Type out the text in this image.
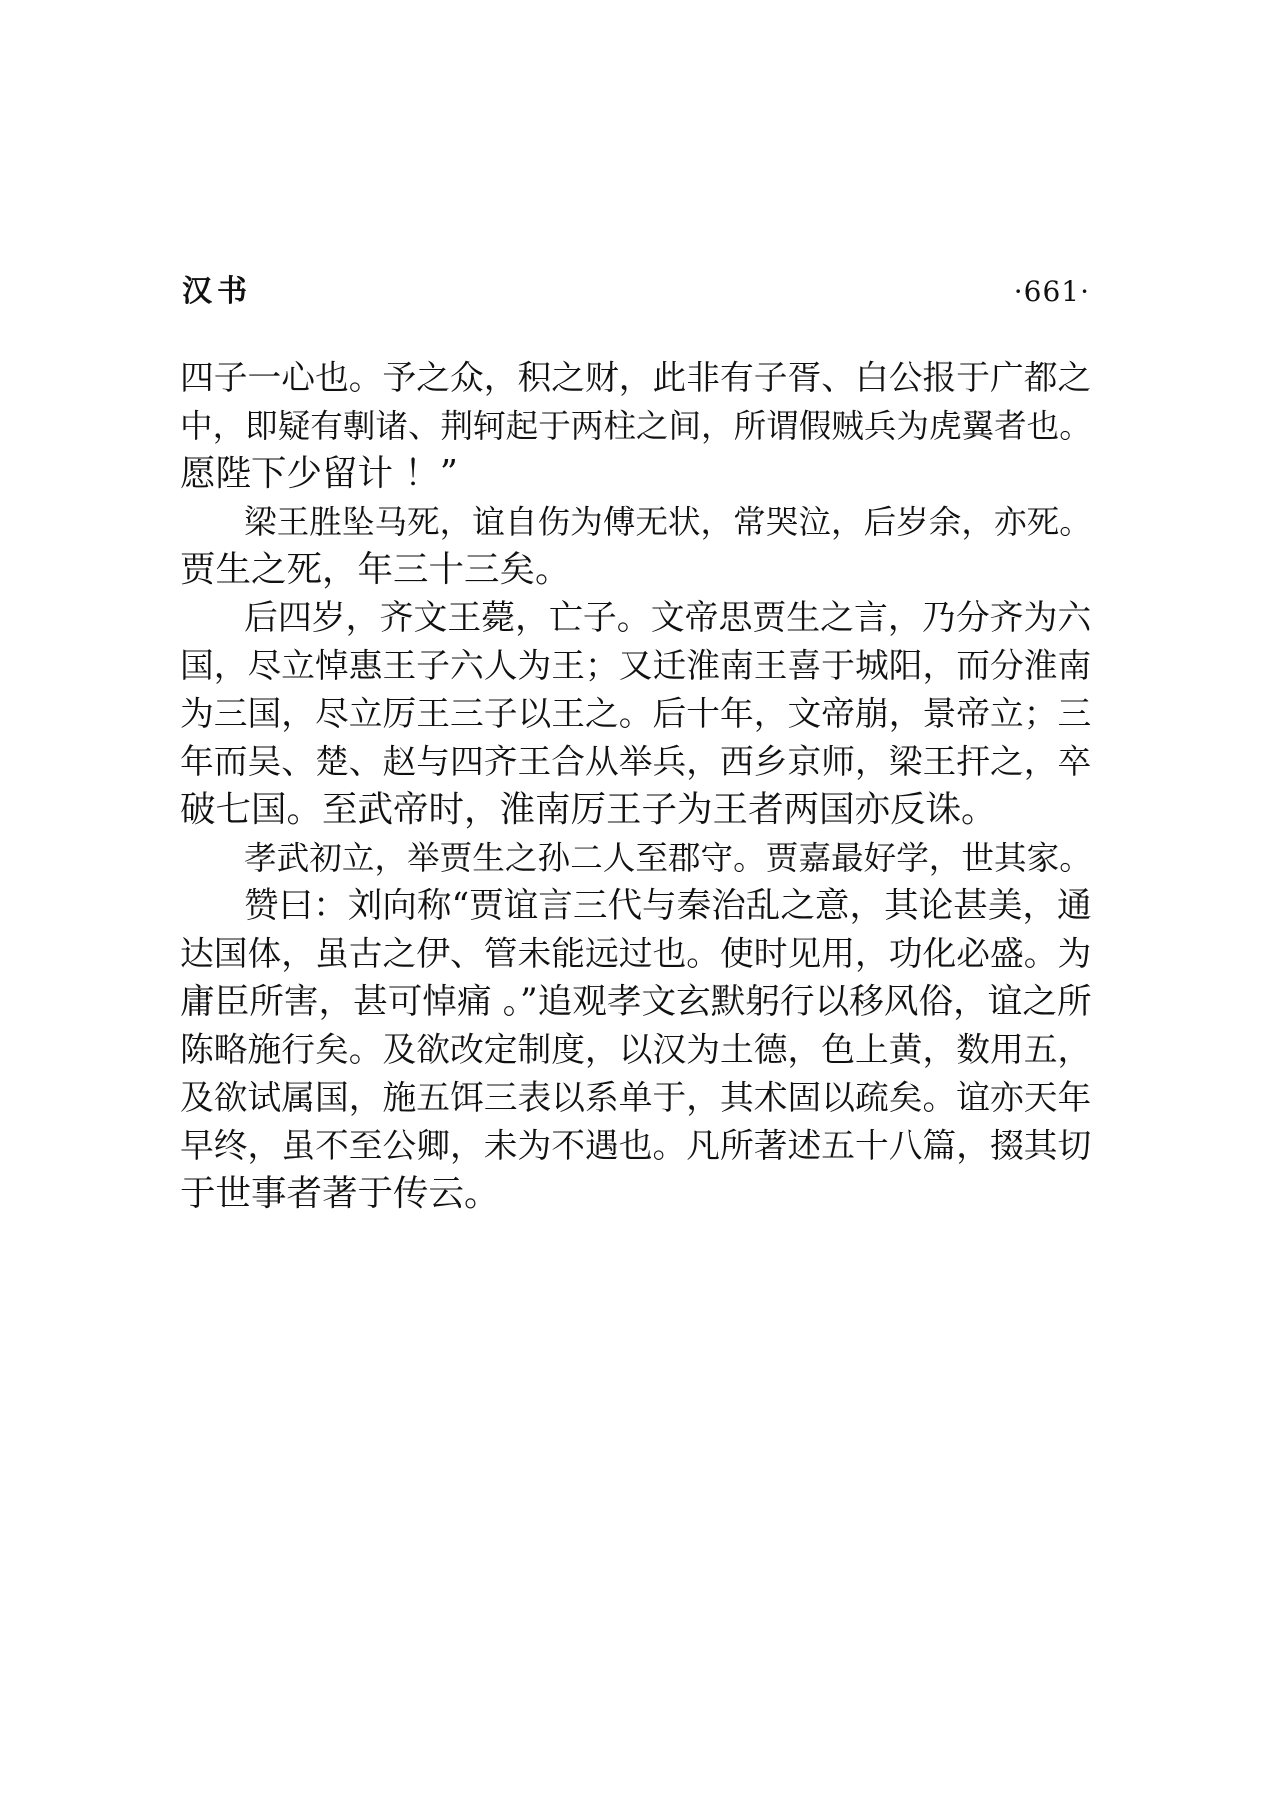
汉书	·661·
四子一心也。予之众，积之财，此非有子胥、白公报于广都之
中，即疑有剸诸、荆轲起于两柱之间，所谓假贼兵为虎翼者也。
愿陛下少留计 ！”
梁王胜坠马死，谊自伤为傅无状，常哭泣，后岁余，亦死。
贾生之死，年三十三矣。
后四岁，齐文王薨，亡子。文帝思贾生之言，乃分齐为六
国，尽立悼惠王子六人为王；又迁淮南王喜于城阳，而分淮南
为三国，尽立厉王三子以王之。后十年，文帝崩，景帝立；三
年而吴、楚、赵与四齐王合从举兵，西乡京师，梁王扞之，卒
破七国。至武帝时，淮南厉王子为王者两国亦反诛。
孝武初立，举贾生之孙二人至郡守。贾嘉最好学，世其家。
赞曰：刘向称“贾谊言三代与秦治乱之意，其论甚美，通
达国体，虽古之伊、管未能远过也。使时见用，功化必盛。为
庸臣所害，甚可悼痛 。”追观孝文玄默躬行以移风俗，谊之所
陈略施行矣。及欲改定制度，以汉为土德，色上黄，数用五，
及欲试属国，施五饵三表以系单于，其术固以疏矣。谊亦天年
早终，虽不至公卿，未为不遇也。凡所著述五十八篇，掇其切
于世事者著于传云。
